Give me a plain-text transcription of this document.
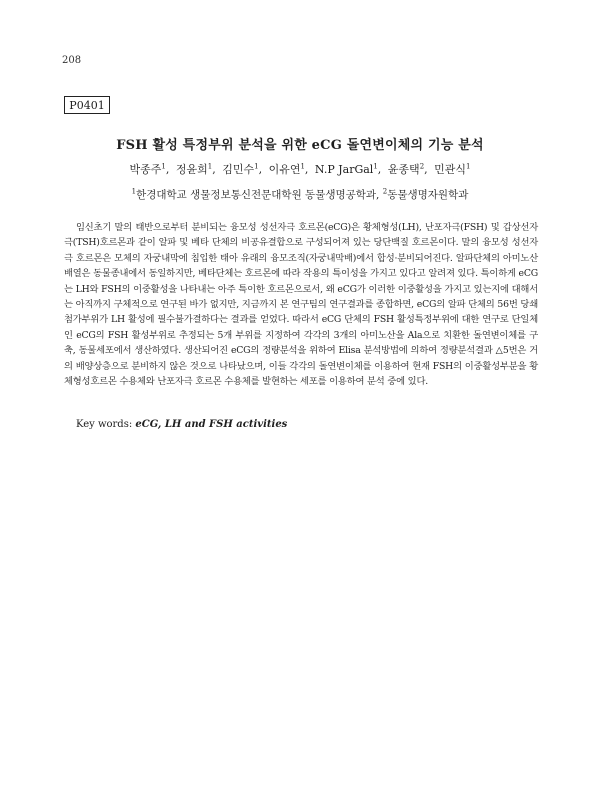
208
P0401
FSH 활성 특정부위 분석을 위한 eCG 돌연변이체의 기능 분석
박종주$^1$, 정윤희$^1$, 김민수$^1$, 이유연$^1$, N.P JarGal$^1$, 윤종택$^2$, 민관식$^1$
$^1$한경대학교 생물정보통신전문대학원 동물생명공학과, $^2$동물생명자원학과

임신초기 말의 태반으로부터 분비되는 융모성 성선자극 호르몬(eCG)은 황체형성(LH), 난포자극(FSH) 및 갑상선자극(TSH)호르몬과 같이 알파 및 베타 단체의 비공유결합으로 구성되어져 있는 당단백질 호르몬이다. 말의 융모성 성선자극 호르몬은 모체의 자궁내막에 침입한 태아 유래의 융모조직(자궁내막배)에서 합성·분비되어진다. 알파단체의 아미노산 배열은 동물종내에서 동일하지만, 베타단체는 호르몬에 따라 작용의 특이성을 가지고 있다고 알려져 있다. 특이하게 eCG는 LH와 FSH의 이중활성을 나타내는 아주 특이한 호르몬으로서, 왜 eCG가 이러한 이중활성을 가지고 있는지에 대해서는 아직까지 구체적으로 연구된 바가 없지만, 지금까지 본 연구팀의 연구결과를 종합하면, eCG의 알파 단체의 56번 당쇄 첨가부위가 LH 활성에 필수불가결하다는 결과를 얻었다. 따라서 eCG 단체의 FSH 활성특정부위에 대한 연구로 단일체인 eCG의 FSH 활성부위로 추정되는 5개 부위를 지정하여 각각의 3개의 아미노산을 Ala으로 치환한 돌연변이체를 구축, 동물세포에서 생산하였다. 생산되어진 eCG의 정량분석을 위하여 Elisa 분석방법에 의하여 정량분석결과 △5번은 거의 배양상층으로 분비하지 않은 것으로 나타났으며, 이들 각각의 돌연변이체를 이용하여 현재 FSH의 이중활성부분을 황체형성호르몬 수용체와 난포자극 호르몬 수용체를 발현하는 세포를 이용하여 분석 중에 있다.

Key words: eCG, LH and FSH activities
